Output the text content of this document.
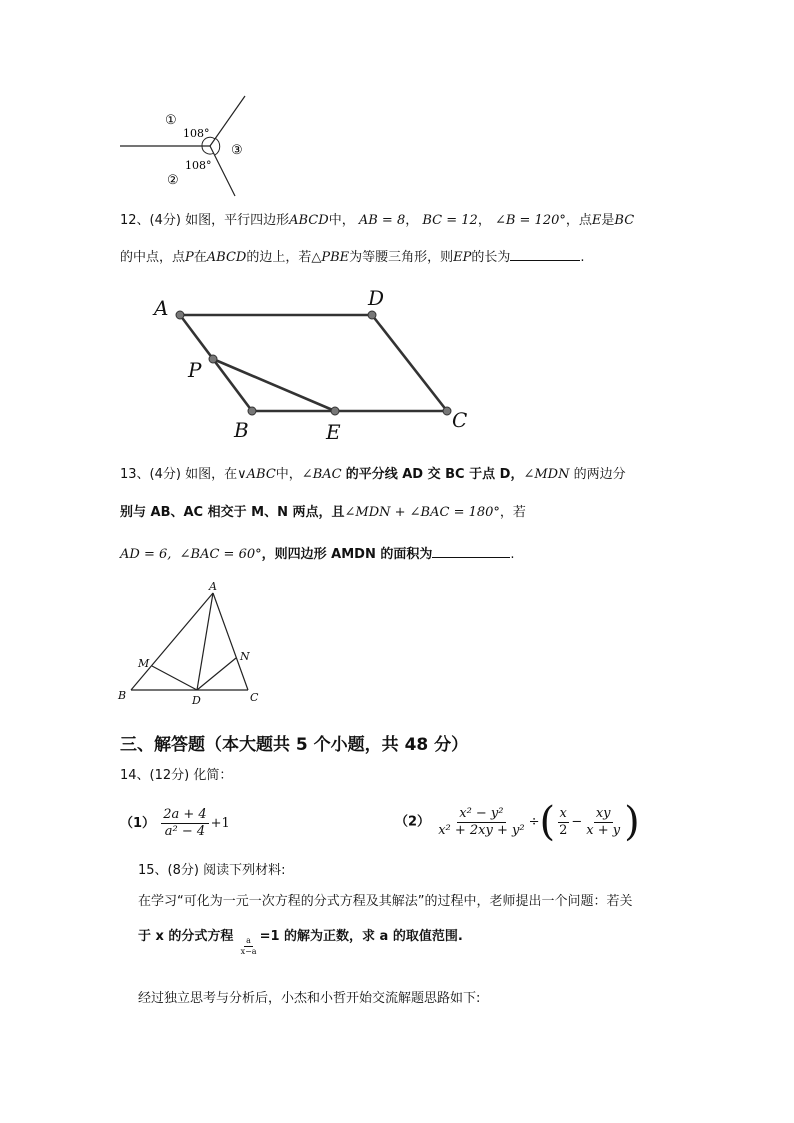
①
108°
③
108°
②
12、(4分) 如图，平行四边形ABCD中， AB = 8， BC = 12， ∠B = 120°，点E是BC
的中点，点P在ABCD的边上，若△PBE为等腰三角形，则EP的长为	.
A	D
P
B	E	C
13、(4分) 如图，在∨ABC中，∠BAC 的平分线 AD 交 BC 于点 D，∠MDN 的两边分
别与 AB、AC 相交于 M、N 两点，且∠MDN + ∠BAC = 180°，若
AD = 6, ∠BAC = 60°，则四边形 AMDN 的面积为	.
A
M
N
B	D	C
三、解答题（本大题共 5 个小题，共 48 分）
14、(12分) 化简：
$(1) \frac{2a + 4}{\text{a² − 4}} +1$	$(2) \frac{\text{x² − y²}}{\text{x² + 2xy + y²}}$ ÷( $\frac{x}{2} - \frac{xy}{x + y}$ )
15、(8分) 阅读下列材料:
在学习“可化为一元一次方程的分式方程及其解法”的过程中，老师提出一个问题：若关
于 x 的分式方程 $\frac{a}{x-a} =1$ 的解为正数，求 a 的取值范围.
经过独立思考与分析后，小杰和小哲开始交流解题思路如下:
